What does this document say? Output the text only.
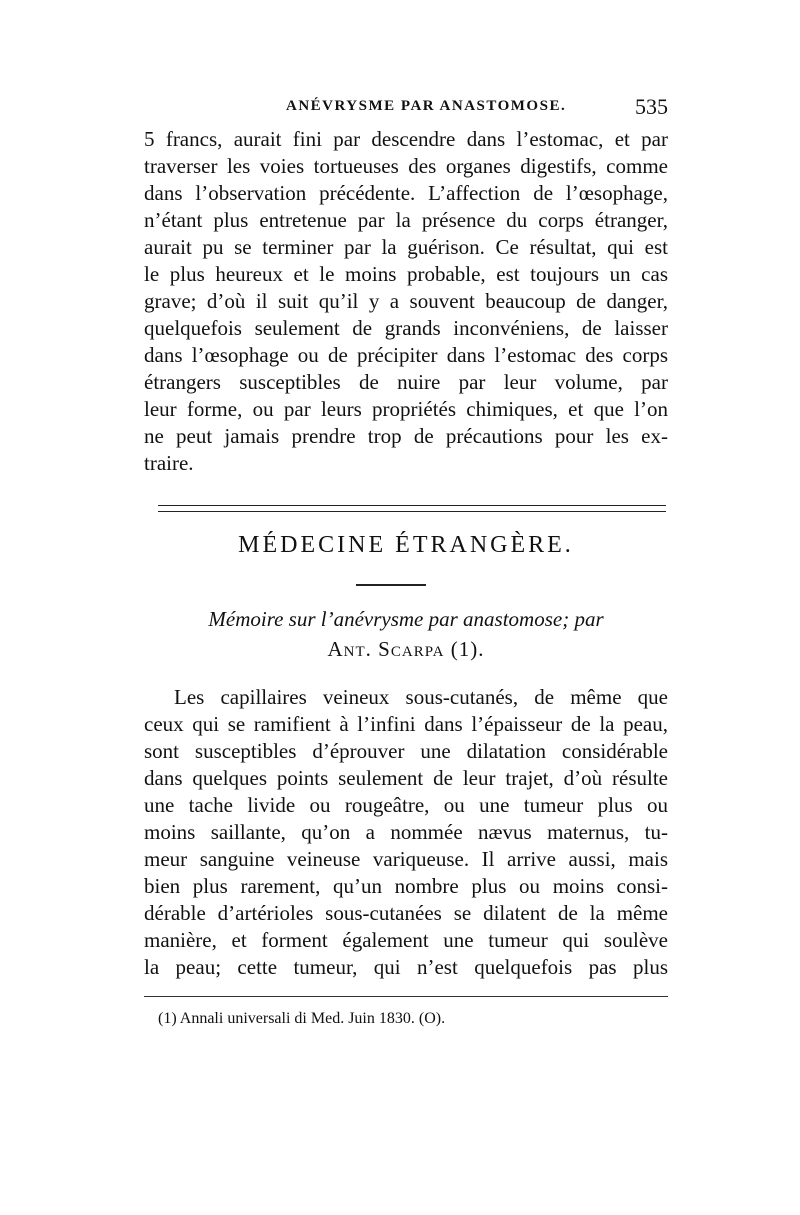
ANÉVRYSME PAR ANASTOMOSE.	535
5 francs, aurait fini par descendre dans l’estomac, et par
traverser les voies tortueuses des organes digestifs, comme
dans l’observation précédente. L’affection de l’œsophage,
n’étant plus entretenue par la présence du corps étranger,
aurait pu se terminer par la guérison. Ce résultat, qui est
le plus heureux et le moins probable, est toujours un cas
grave; d’où il suit qu’il y a souvent beaucoup de danger,
quelquefois seulement de grands inconvéniens, de laisser
dans l’œsophage ou de précipiter dans l’estomac des corps
étrangers susceptibles de nuire par leur volume, par
leur forme, ou par leurs propriétés chimiques, et que l’on
ne peut jamais prendre trop de précautions pour les ex-
traire.
MÉDECINE ÉTRANGÈRE.
Mémoire sur l’anévrysme par anastomose; par
Ant. Scarpa (1).
Les capillaires veineux sous-cutanés, de même que
ceux qui se ramifient à l’infini dans l’épaisseur de la peau,
sont susceptibles d’éprouver une dilatation considérable
dans quelques points seulement de leur trajet, d’où résulte
une tache livide ou rougeâtre, ou une tumeur plus ou
moins saillante, qu’on a nommée nævus maternus, tu-
meur sanguine veineuse variqueuse. Il arrive aussi, mais
bien plus rarement, qu’un nombre plus ou moins consi-
dérable d’artérioles sous-cutanées se dilatent de la même
manière, et forment également une tumeur qui soulève
la peau; cette tumeur, qui n’est quelquefois pas plus
(1) Annali universali di Med. Juin 1830. (O).
